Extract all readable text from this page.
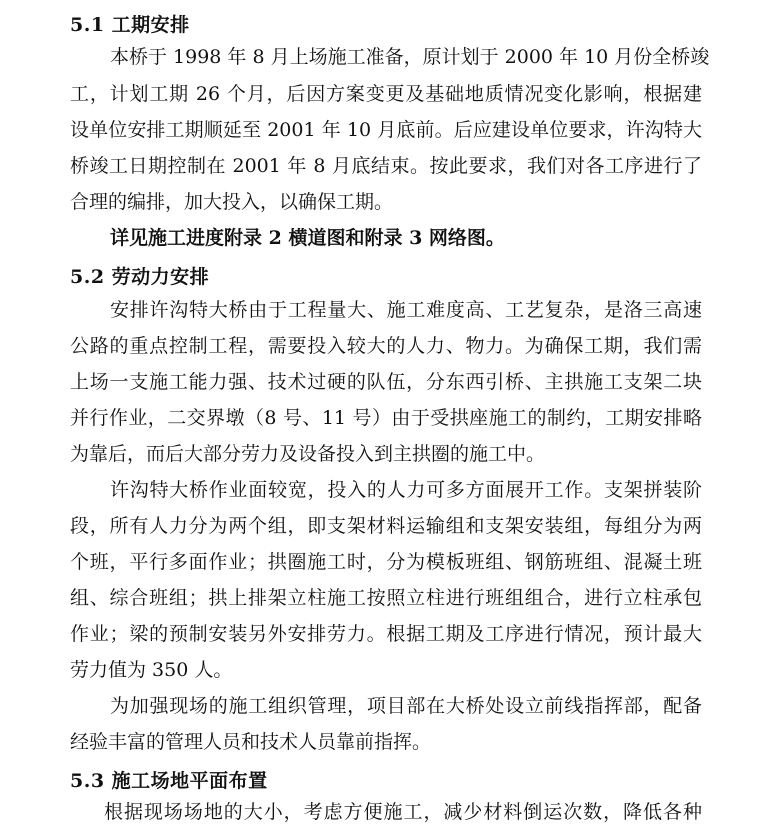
5.1 工期安排
本桥于 1998 年 8 月上场施工准备，原计划于 2000 年 10 月份全桥竣
工，计划工期 26 个月，后因方案变更及基础地质情况变化影响，根据建
设单位安排工期顺延至 2001 年 10 月底前。后应建设单位要求，许沟特大
桥竣工日期控制在 2001 年 8 月底结束。按此要求，我们对各工序进行了
合理的编排，加大投入，以确保工期。
详见施工进度附录 2 横道图和附录 3 网络图。
5.2 劳动力安排
安排许沟特大桥由于工程量大、施工难度高、工艺复杂，是洛三高速
公路的重点控制工程，需要投入较大的人力、物力。为确保工期，我们需
上场一支施工能力强、技术过硬的队伍，分东西引桥、主拱施工支架二块
并行作业，二交界墩（8 号、11 号）由于受拱座施工的制约，工期安排略
为靠后，而后大部分劳力及设备投入到主拱圈的施工中。
许沟特大桥作业面较宽，投入的人力可多方面展开工作。支架拼装阶
段，所有人力分为两个组，即支架材料运输组和支架安装组，每组分为两
个班，平行多面作业；拱圈施工时，分为模板班组、钢筋班组、混凝土班
组、综合班组；拱上排架立柱施工按照立柱进行班组组合，进行立柱承包
作业；梁的预制安装另外安排劳力。根据工期及工序进行情况，预计最大
劳力值为 350 人。
为加强现场的施工组织管理，项目部在大桥处设立前线指挥部，配备
经验丰富的管理人员和技术人员靠前指挥。
5.3 施工场地平面布置
根据现场场地的大小，考虑方便施工，减少材料倒运次数，降低各种
